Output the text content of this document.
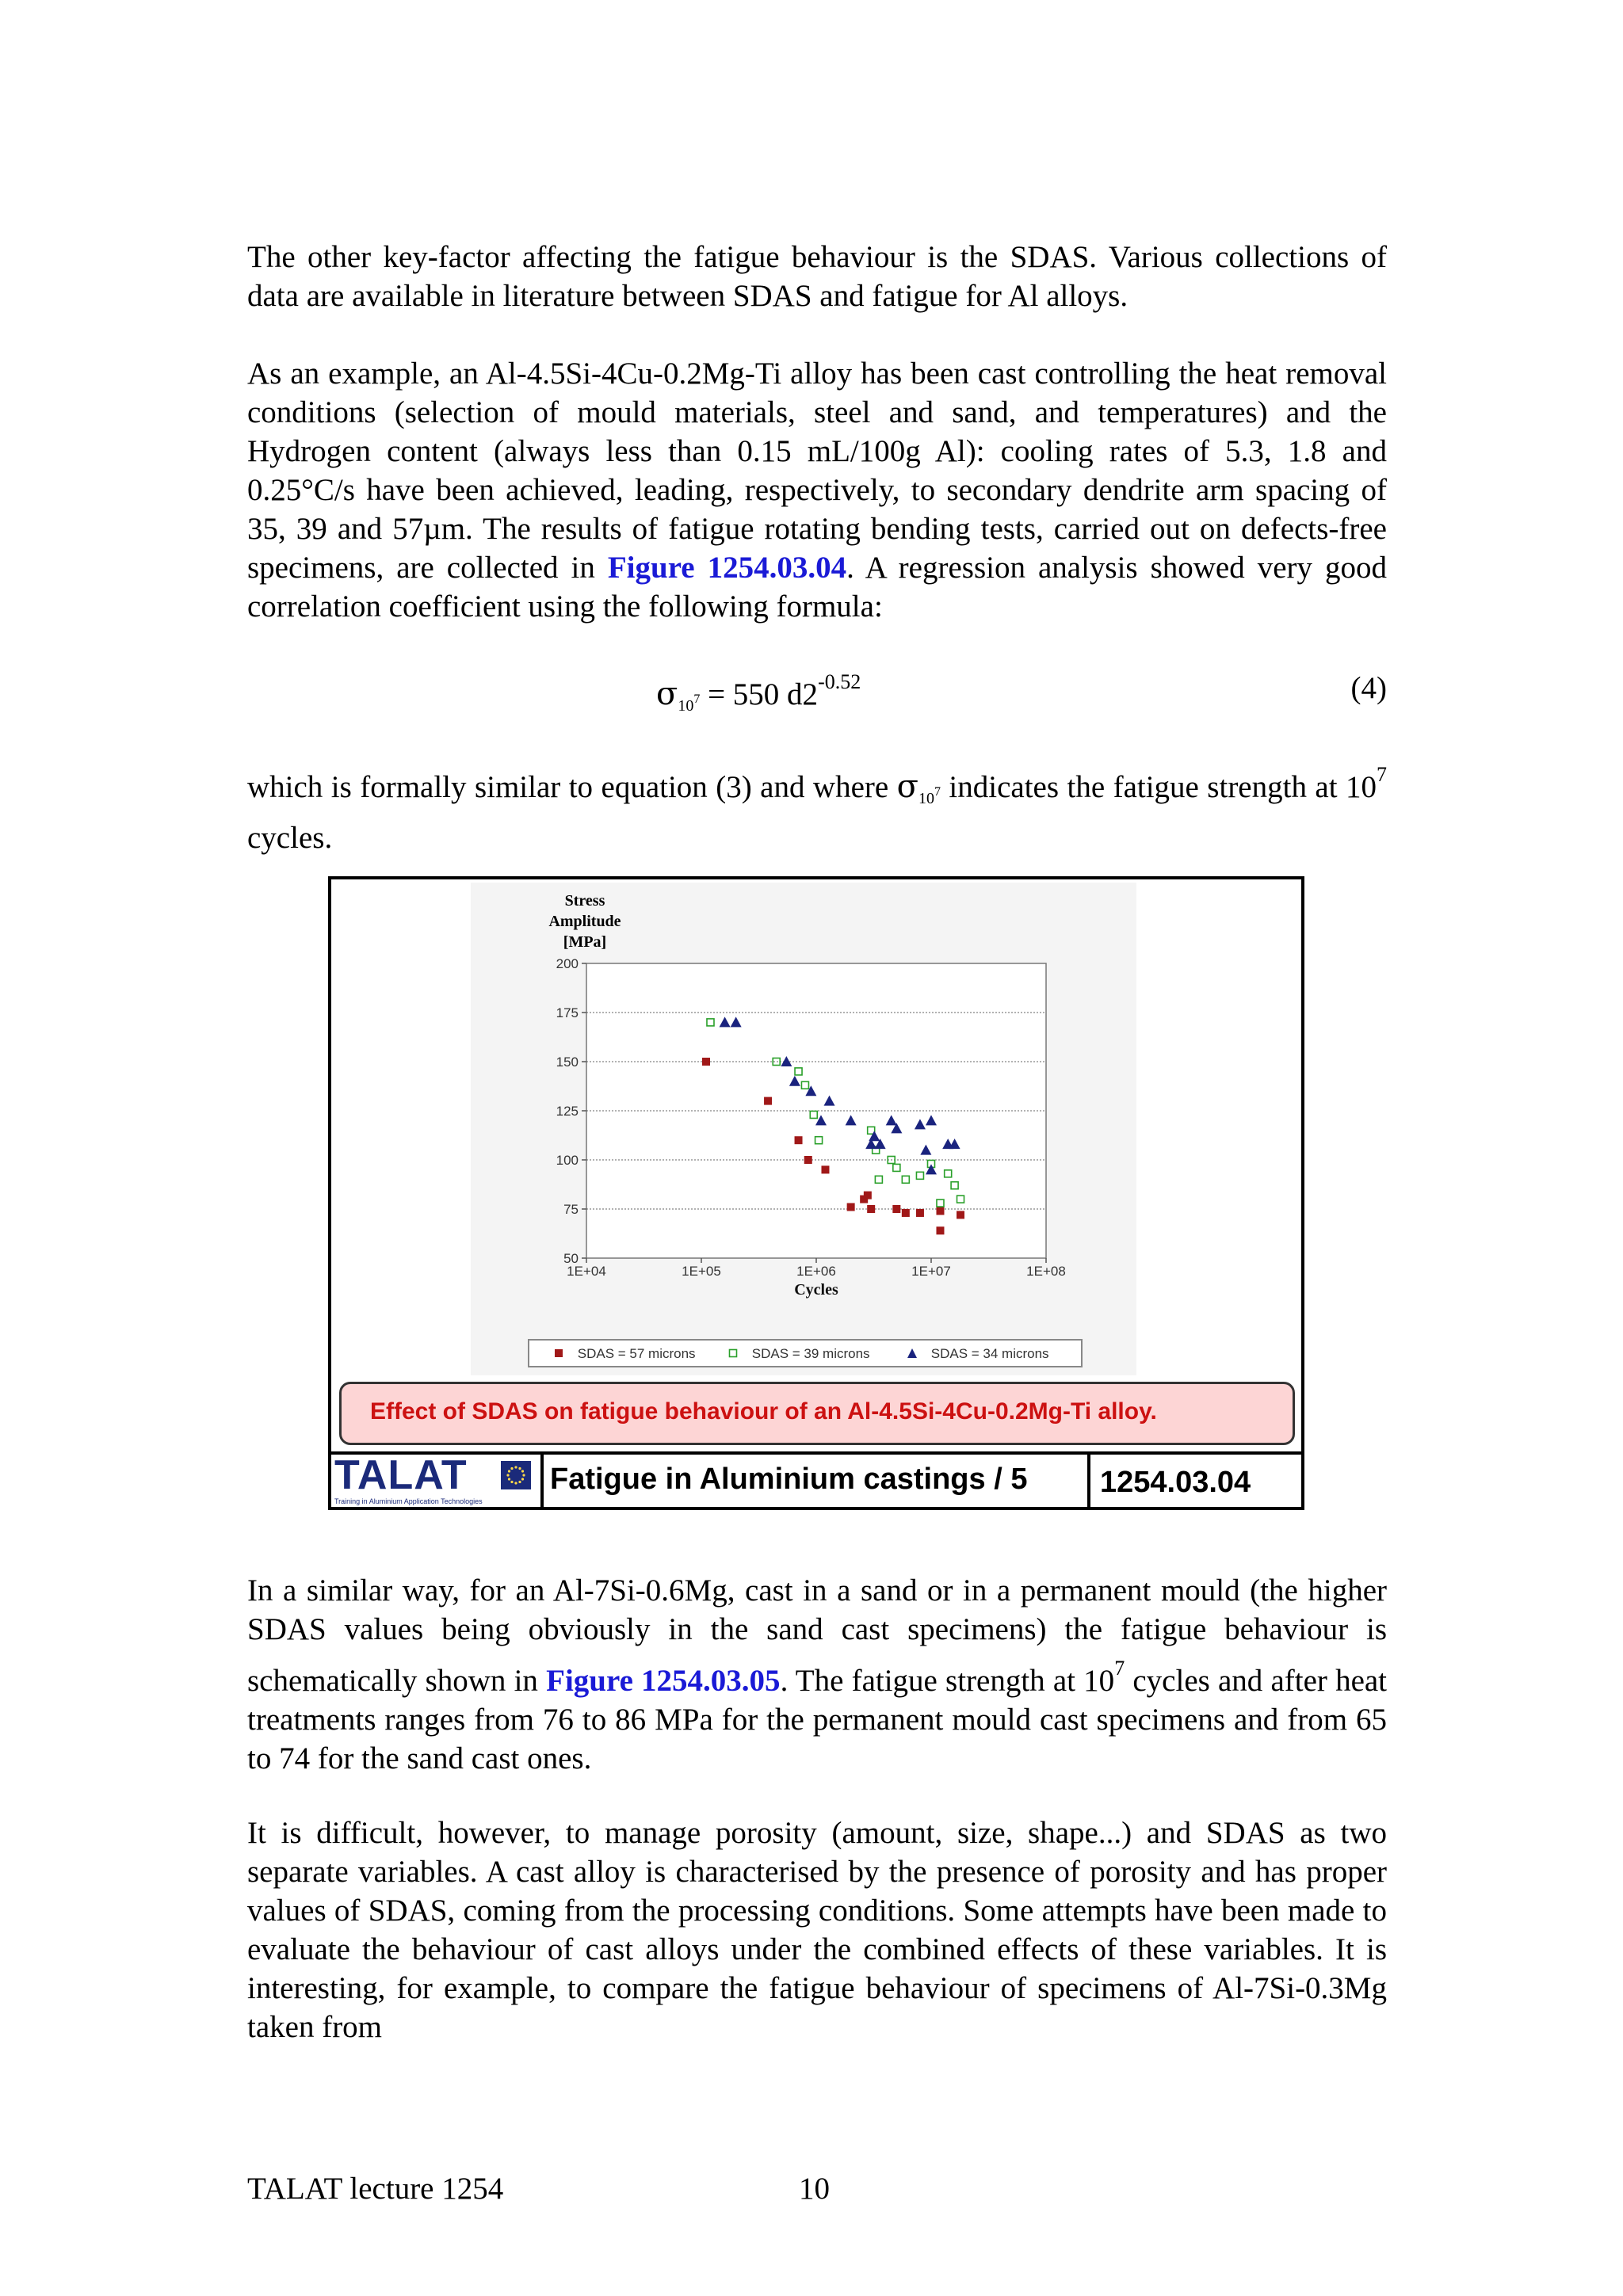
The other key-factor affecting the fatigue behaviour is the SDAS. Various collections of data are available in literature between SDAS and fatigue for Al alloys.

As an example, an Al-4.5Si-4Cu-0.2Mg-Ti alloy has been cast controlling the heat removal conditions (selection of mould materials, steel and sand, and temperatures) and the Hydrogen content (always less than 0.15 mL/100g Al): cooling rates of 5.3, 1.8 and 0.25°C/s have been achieved, leading, respectively, to secondary dendrite arm spacing of 35, 39 and 57µm. The results of fatigue rotating bending tests, carried out on defects-free specimens, are collected in Figure 1254.03.04. A regression analysis showed very good correlation coefficient using the following formula:

$\sigma_{10^7} = 550$ $d2^{-0.52}$	(4)

which is formally similar to equation (3) and where $\sigma_{10^7}$ indicates the fatigue strength at $10^7$ cycles.

50
75
100
125
150
175
200
1E+04	1E+05	1E+06	1E+07	1E+08
Cycles
Stress
Amplitude
[MPa]
SDAS = 57 microns	SDAS = 39 microns	SDAS = 34 microns
Effect of SDAS on fatigue behaviour of an Al-4.5Si-4Cu-0.2Mg-Ti alloy.
TALAT
Training in Aluminium Application Technologies
Fatigue in Aluminium castings / 5 1254.03.04

In a similar way, for an Al-7Si-0.6Mg, cast in a sand or in a permanent mould (the higher SDAS values being obviously in the sand cast specimens) the fatigue behaviour is schematically shown in Figure 1254.03.05. The fatigue strength at $10^7$ cycles and after heat treatments ranges from 76 to 86 MPa for the permanent mould cast specimens and from 65 to 74 for the sand cast ones.

It is difficult, however, to manage porosity (amount, size, shape...) and SDAS as two separate variables. A cast alloy is characterised by the presence of porosity and has proper values of SDAS, coming from the processing conditions. Some attempts have been made to evaluate the behaviour of cast alloys under the combined effects of these variables. It is interesting, for example, to compare the fatigue behaviour of specimens of Al-7Si-0.3Mg taken from

TALAT lecture 1254	10
